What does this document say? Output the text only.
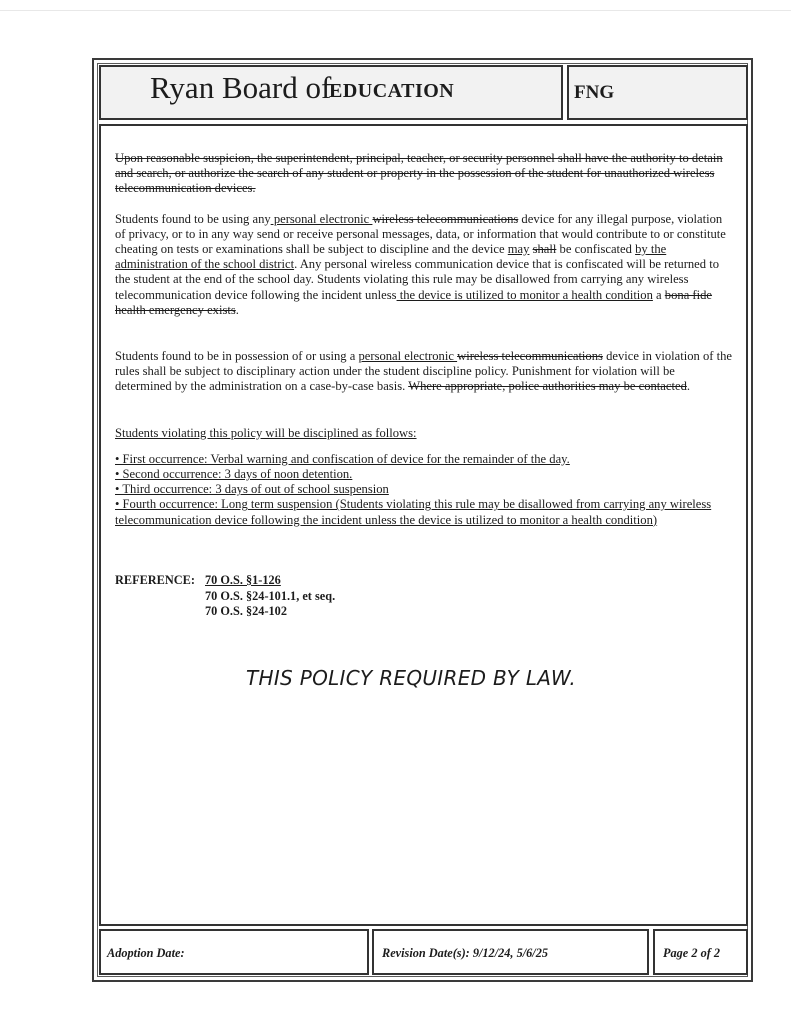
Ryan Board of
EDUCATION	FNG

Upon reasonable suspicion, the superintendent, principal, teacher, or security personnel shall have the authority to detain and search, or authorize the search of any student or property in the possession of the student for unauthorized wireless telecommunication devices.

Students found to be using any personal electronic wireless telecommunications device for any illegal purpose, violation of privacy, or to in any way send or receive personal messages, data, or information that would contribute to or constitute cheating on tests or examinations shall be subject to discipline and the device may shall be confiscated by the administration of the school district. Any personal wireless communication device that is confiscated will be returned to the student at the end of the school day. Students violating this rule may be disallowed from carrying any wireless telecommunication device following the incident unless the device is utilized to monitor a health condition a bona fide health emergency exists.

Students found to be in possession of or using a personal electronic wireless telecommunications device in violation of the rules shall be subject to disciplinary action under the student discipline policy. Punishment for violation will be determined by the administration on a case-by-case basis. Where appropriate, police authorities may be contacted.

Students violating this policy will be disciplined as follows:

• First occurrence: Verbal warning and confiscation of device for the remainder of the day.

• Second occurrence: 3 days of noon detention.

• Third occurrence: 3 days of out of school suspension

• Fourth occurrence: Long term suspension (Students violating this rule may be disallowed from carrying any wireless telecommunication device following the incident unless the device is utilized to monitor a health condition)

REFERENCE: 70 O.S. §1-126
70 O.S. §24-101.1, et seq.
70 O.S. §24-102
THIS POLICY REQUIRED BY LAW.
Adoption Date:	Revision Date(s): 9/12/24, 5/6/25	Page 2 of 2
